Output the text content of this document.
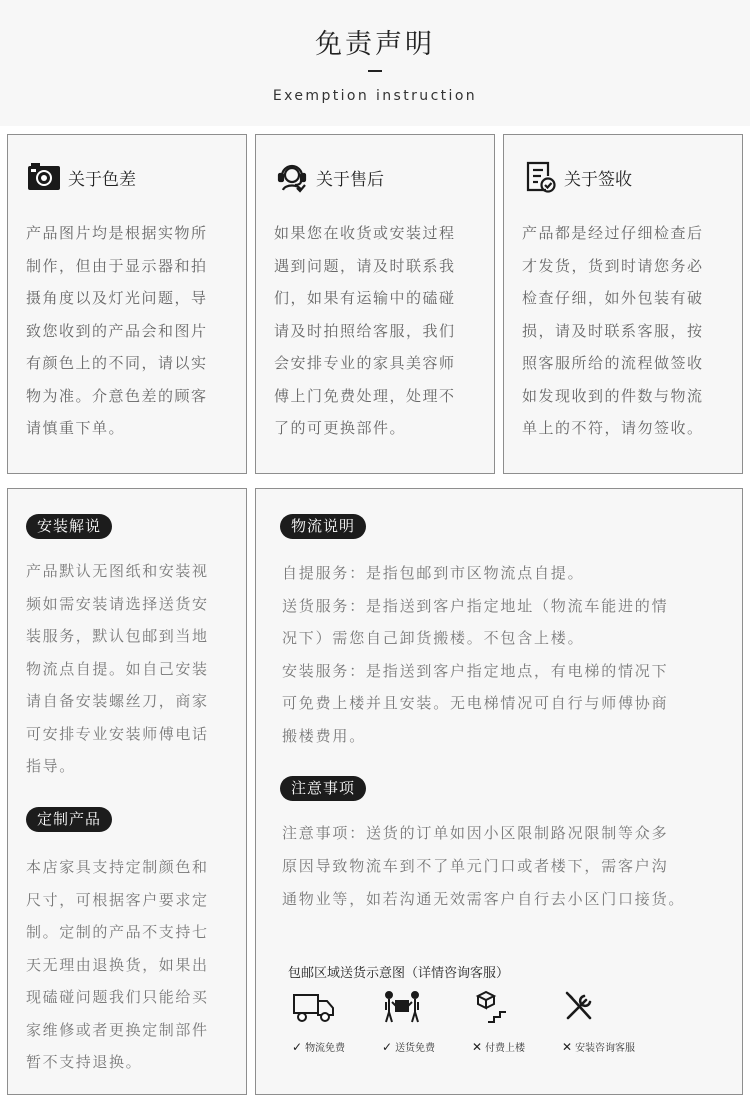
免责声明
Exemption instruction
关于色差
产品图片均是根据实物所
制作，但由于显示器和拍
摄角度以及灯光问题，导
致您收到的产品会和图片
有颜色上的不同，请以实
物为准。介意色差的顾客
请慎重下单。
关于售后
如果您在收货或安装过程
遇到问题，请及时联系我
们，如果有运输中的磕碰
请及时拍照给客服，我们
会安排专业的家具美容师
傅上门免费处理，处理不
了的可更换部件。
关于签收
产品都是经过仔细检查后
才发货，货到时请您务必
检查仔细，如外包装有破
损，请及时联系客服，按
照客服所给的流程做签收
如发现收到的件数与物流
单上的不符，请勿签收。
安装解说
产品默认无图纸和安装视
频如需安装请选择送货安
装服务，默认包邮到当地
物流点自提。如自己安装
请自备安装螺丝刀，商家
可安排专业安装师傅电话
指导。
定制产品
本店家具支持定制颜色和
尺寸，可根据客户要求定
制。定制的产品不支持七
天无理由退换货，如果出
现磕碰问题我们只能给买
家维修或者更换定制部件
暂不支持退换。
物流说明
自提服务：是指包邮到市区物流点自提。
送货服务：是指送到客户指定地址（物流车能进的情
况下）需您自己卸货搬楼。不包含上楼。
安装服务：是指送到客户指定地点，有电梯的情况下
可免费上楼并且安装。无电梯情况可自行与师傅协商
搬楼费用。
注意事项
注意事项：送货的订单如因小区限制路况限制等众多
原因导致物流车到不了单元门口或者楼下，需客户沟
通物业等，如若沟通无效需客户自行去小区门口接货。
包邮区域送货示意图（详情咨询客服）
✓ 物流免费	✓ 送货免费	✕ 付费上楼	✕ 安装咨询客服
